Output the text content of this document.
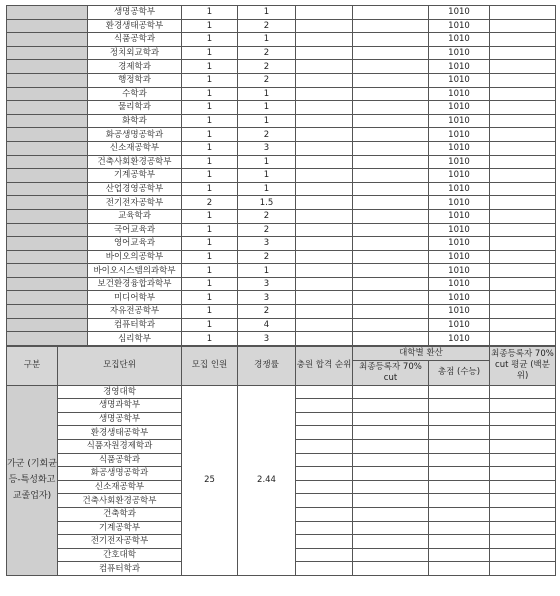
	생명공학부	1	1			1010	
	환경생태공학부	1	2			1010	
	식품공학과	1	1			1010	
	정치외교학과	1	2			1010	
	경제학과	1	2			1010	
	행정학과	1	2			1010	
	수학과	1	1			1010	
	물리학과	1	1			1010	
	화학과	1	1			1010	
	화공생명공학과	1	2			1010	
	신소재공학부	1	3			1010	
	건축사회환경공학부	1	1			1010	
	기계공학부	1	1			1010	
	산업경영공학부	1	1			1010	
	전기전자공학부	2	1.5			1010	
	교육학과	1	2			1010	
	국어교육과	1	2			1010	
	영어교육과	1	3			1010	
	바이오의공학부	1	2			1010	
	바이오시스템의과학부	1	1			1010	
	보건환경융합과학부	1	3			1010	
	미디어학부	1	3			1010	
	자유전공학부	1	2			1010	
	컴퓨터학과	1	4			1010	
	심리학부	1	3			1010	
구분	모집단위	모집 인원	경쟁률	충원 합격 순위	대학별 환산		최종등록자 70% cut 평균 (백분위)
					최종등록자 70% cut	총점 (수능)	
가군 (기회균등-특성화고교졸업자)	경영대학	25	2.44				
	생명과학부						
	생명공학부						
	환경생태공학부						
	식품자원경제학과						
	식품공학과						
	화공생명공학과						
	신소재공학부						
	건축사회환경공학부						
	건축학과						
	기계공학부						
	전기전자공학부						
	간호대학						
	컴퓨터학과						
